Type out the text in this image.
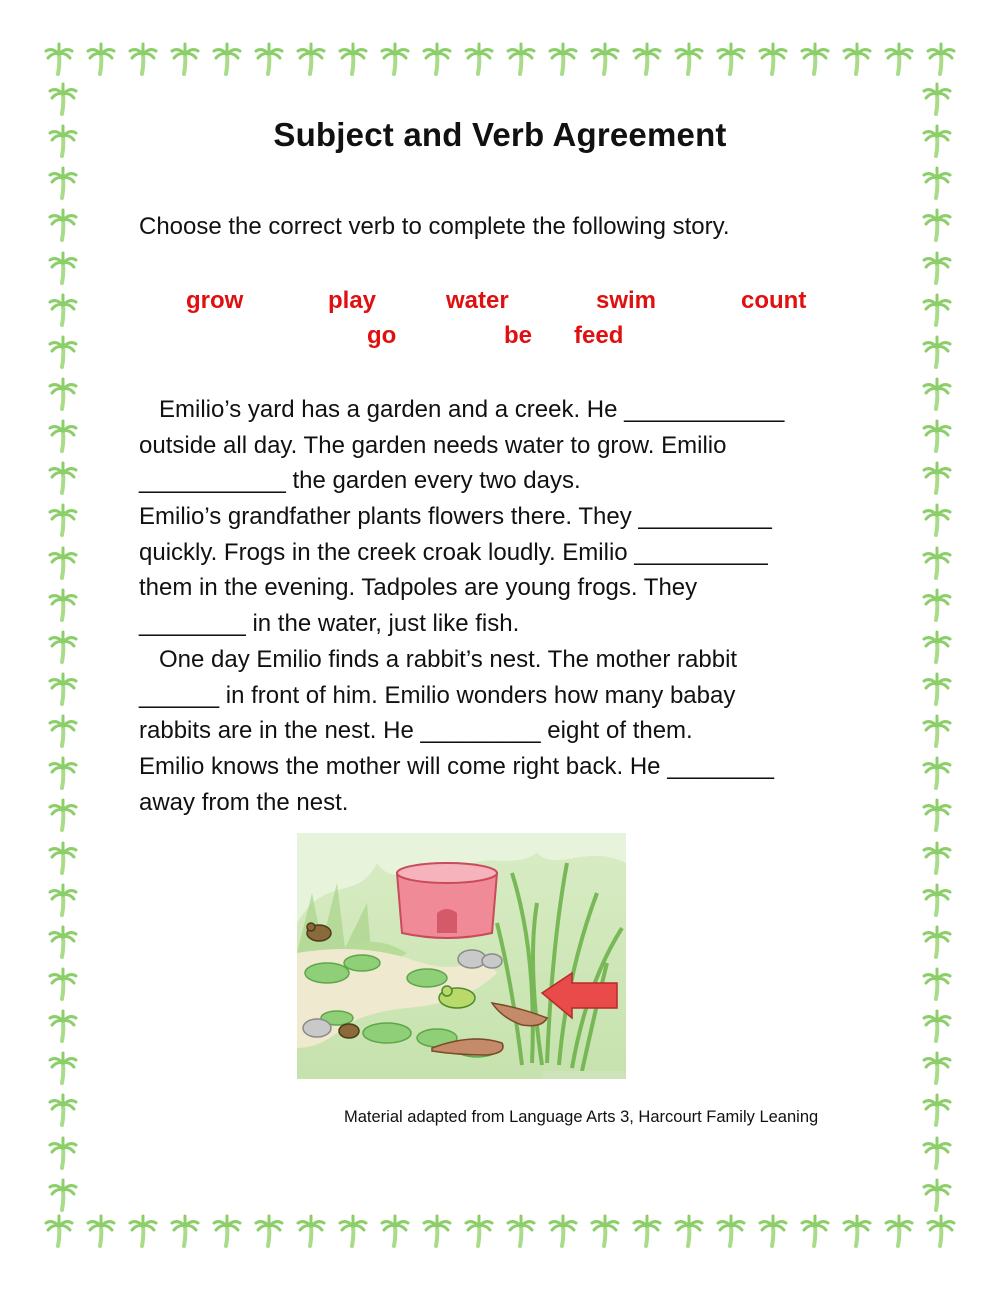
Subject and Verb Agreement
Choose the correct verb to complete the following story.
grow	play	water	swim	count
go	be feed
Emilio’s yard has a garden and a creek. He ____________
outside all day. The garden needs water to grow. Emilio
___________ the garden every two days.
Emilio’s grandfather plants flowers there. They __________
quickly. Frogs in the creek croak loudly. Emilio __________
them in the evening. Tadpoles are young frogs. They
________ in the water, just like fish.
One day Emilio finds a rabbit’s nest. The mother rabbit
______ in front of him. Emilio wonders how many babay
rabbits are in the nest. He _________ eight of them.
Emilio knows the mother will come right back. He ________
away from the nest.
Material adapted from Language Arts 3, Harcourt Family Leaning
